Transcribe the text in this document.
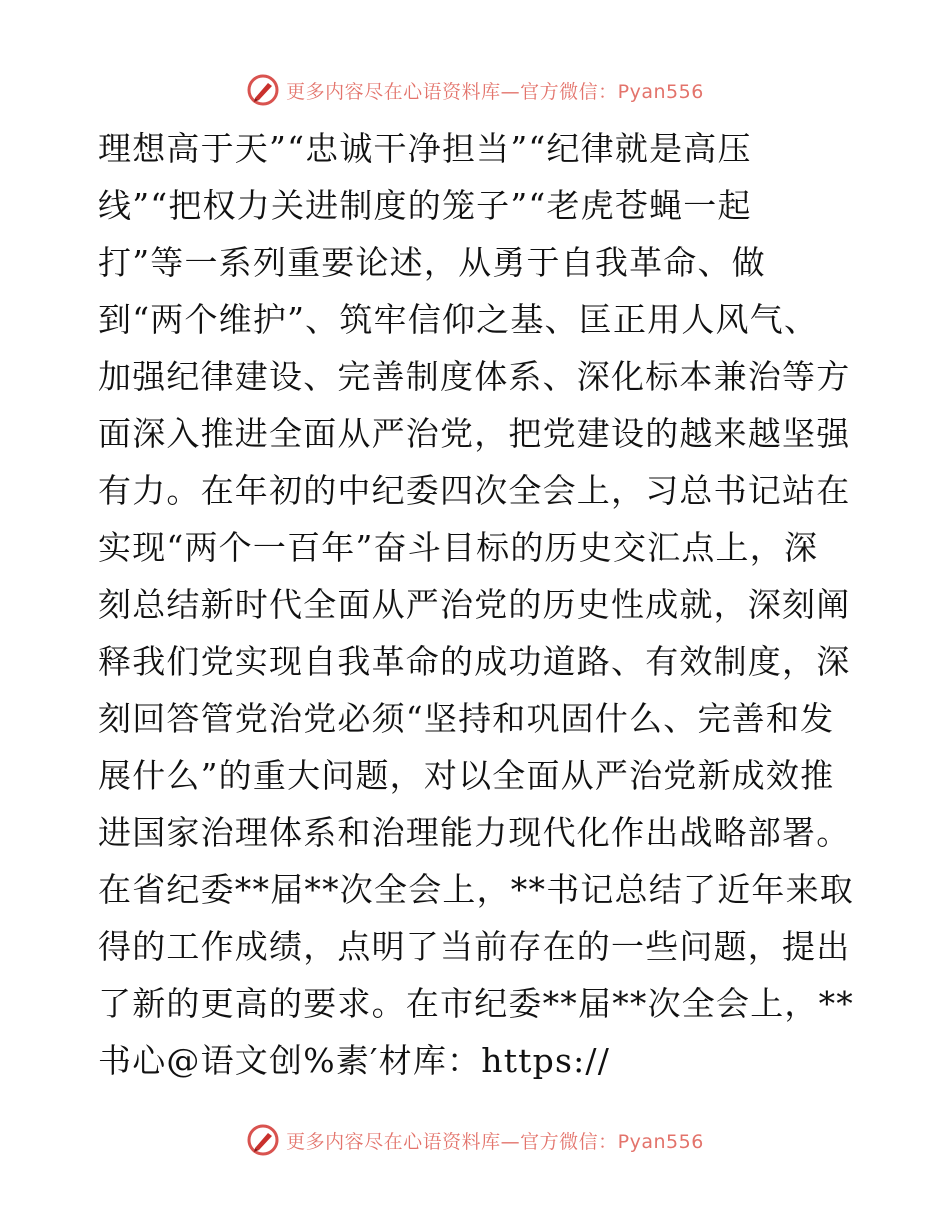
更多内容尽在心语资料库—官方微信：Pyan556
理想高于天”“忠诚干净担当”“纪律就是高压
线”“把权力关进制度的笼子”“老虎苍蝇一起
打”等一系列重要论述，从勇于自我革命、做
到“两个维护”、筑牢信仰之基、匡正用人风气、
加强纪律建设、完善制度体系、深化标本兼治等方
面深入推进全面从严治党，把党建设的越来越坚强
有力。在年初的中纪委四次全会上，习总书记站在
实现“两个一百年”奋斗目标的历史交汇点上，深
刻总结新时代全面从严治党的历史性成就，深刻阐
释我们党实现自我革命的成功道路、有效制度，深
刻回答管党治党必须“坚持和巩固什么、完善和发
展什么”的重大问题，对以全面从严治党新成效推
进国家治理体系和治理能力现代化作出战略部署。
在省纪委**届**次全会上，**书记总结了近年来取
得的工作成绩，点明了当前存在的一些问题，提出
了新的更高的要求。在市纪委**届**次全会上，**
书心@语文创%素′材库：https://
更多内容尽在心语资料库—官方微信：Pyan556
